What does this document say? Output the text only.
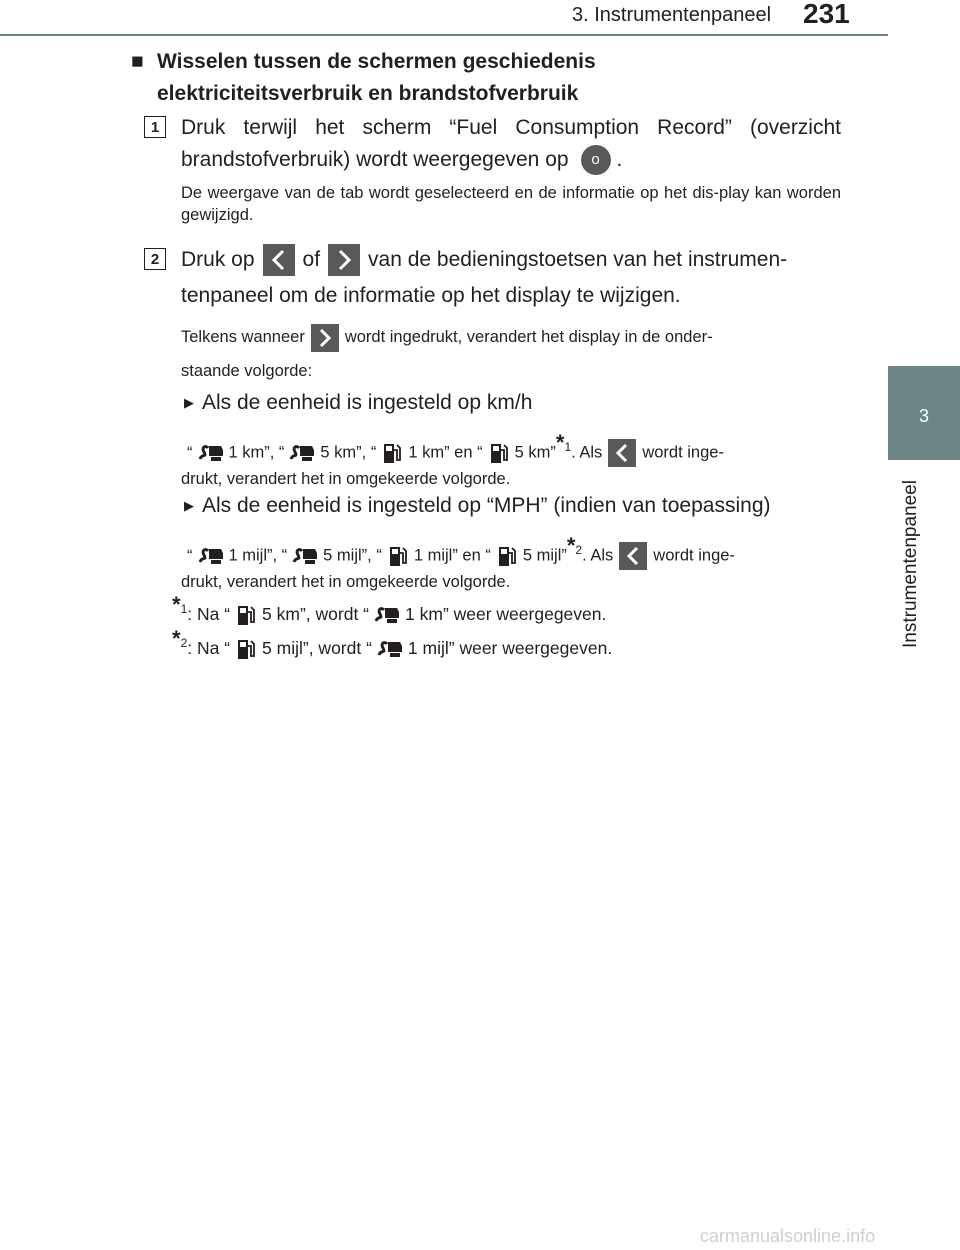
3. Instrumentenpaneel 231
3
Instrumentenpaneel
■ Wisselen tussen de schermen geschiedenis
elektriciteitsverbruik en brandstofverbruik
1	Druk terwijl het scherm “Fuel Consumption Record” (overzicht
brandstofverbruik) wordt weergegeven op o .
De weergave van de tab wordt geselecteerd en de informatie op het dis-play kan worden gewijzigd.
2	Druk op of van de bedieningstoetsen van het instrumen-
tenpaneel om de informatie op het display te wijzigen.
Telkens wanneer wordt ingedrukt, verandert het display in de onder-
staande volgorde:
▶ Als de eenheid is ingesteld op km/h
“ 1 km”, “ 5 km”, “ 1 km” en “ 5 km”*$^1$. Als wordt inge-
drukt, verandert het in omgekeerde volgorde.
▶ Als de eenheid is ingesteld op “MPH” (indien van toepassing)
“ 1 mijl”, “ 5 mijl”, “ 1 mijl” en “ 5 mijl”*$^2$. Als wordt inge-
drukt, verandert het in omgekeerde volgorde.
*$^1$: Na “ 5 km”, wordt “ 1 km” weer weergegeven.
*$^2$: Na “ 5 mijl”, wordt “ 1 mijl” weer weergegeven.
carmanualsonline.info
